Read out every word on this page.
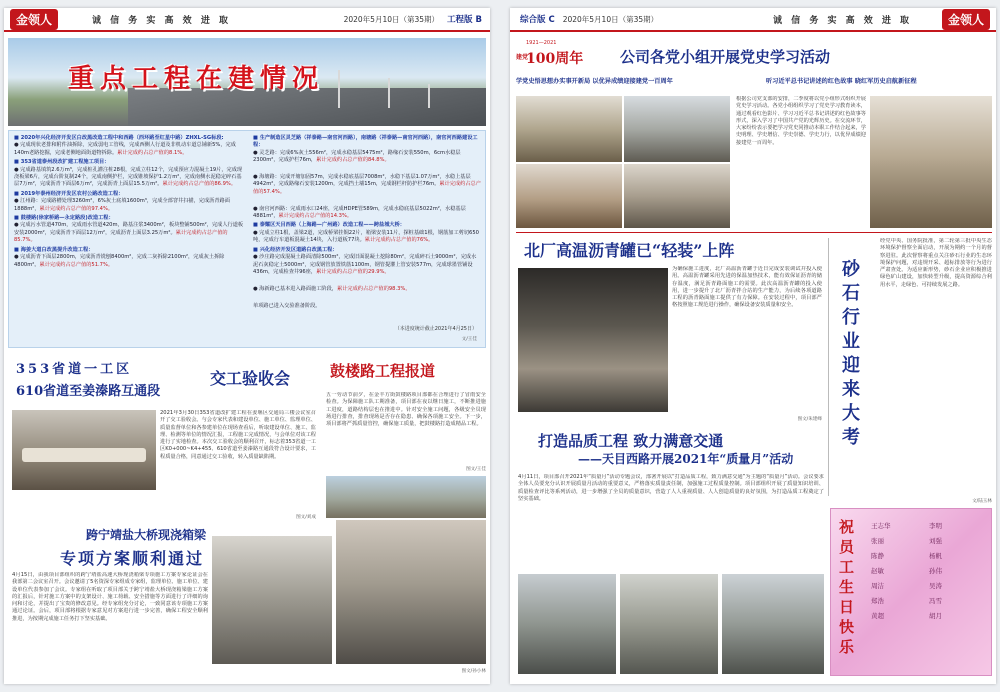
金领人	诚 信 务 实 高 效 进 取	2020年5月10日（第35期） 工程版 B
重点工程在建情况
■ 2020年兴化经济开发区白改黑改造工程中和西路（西环路至红星中路）ZHXL-SG标段:
● 完成现状老排和附件油拆除，完成弱电工管线，完成西侧人行道及非机动车道总铺新5%，完成140m老路挖掘，完成老侧地面街道物拆除。累计完成约占总产值的8.1%。
■ 353省道泰州段改扩建工程施工项目：
● 完成路基填筑2.6万m³，完成桩孔灌注桩28根，完成立柱12个，完成预应力混凝土19片，完成现浇板梁6片，完成台阶复制24个，完成南侧护栏，完成锥坡保护1.2万m²，完成南侧水泥稳定碎石基层7万m²，完成沥青下面层6万m²，完成沥青上面层15.5万m²。累计完成约占总产值的86.9%。
■ 2019年泰州经济开发区农村公路改造工程：
● 江州路：完成路槽处理3260m²，6%灰土底填1600m³，完成全部窨井扫描，完成沥青路面1888m²，累计完成约占总产值的97.4%。
■ 鼓楼路(徐家桥路—永定路段)改造工程：
● 完成污水管道470m，完成雨水管道420m，路基注浆3400m²，板块整铺500m²，完成人行道板安装2000m²，完成沥青下面层12万m²，完成沥青上面层3.25万m²。累计完成约占总产值的85.7%。
■ 海姜大道白改黑提升改造工程：
● 完成沥青下面层2800m，完成沥青铣刨8400m²，完成二灰拆除2100m²，完成灰土拆除4800m²。累计完成约占总产值的51.7%。
■ 生产制造区灵芝路（祥泰路—南官河西路），南塘路（祥泰路—南官河西路），南官河西路建设工程：
● 灵芝路：完成6%灰土556m²，完成水稳基层5475m²，路缘石安装550m，6cm水稳层2300m²，完成护栏76m，累计完成约占总产值的84.8%。

● 海塘路：完成开塘加固57m，完成水稳底基层7008m²，水稳下基层1.07万m²，水稳上基层4942m²，完成路缘石安装1200m，完成挡土墙15m，完成钢栏杆防护栏76m。累计完成约占总产值的57.4%。

● 南官河西路：完成雨水口24座，完成HDPE管589m，完成水稳底基层5022m²，水稳基层4881m²，累计完成约占总产值的14.3%。
■ 泰耀区天目西路（上海路—广州路）改造工程——跨盐城大桥：
● 完成立柱1根，盖梁2道，完成桥梁挂铜22片，箱梁安装11片，探桩基础1根，钢筋加工剪切650吨，完成行车道板混凝土14块，入行道板77块。累计完成约占总产值的76%。
■ 兴化经济开发区道路白改黑工程：
● 沙庄路完成混凝土路面清除500m²，完成旧面混凝土挖除80m²，完成碎石土9000m²，完成水泥石灰稳定土5000m²，完成钢管放置铁筋1100m，钢管提灌上管安装577m，完成球墨管铺设436m，完成检查井96座，累计完成约占总产值的29.9%。

● 海新路已基本进入路面施工阶段，累计完成约占总产值的98.3%。

单项路已进入交验准备阶段。
（本进度统计截止2021年4月25日）
文/王佳
353省道一工区
610省道至姜溱路互通段
交工验收会	鼓楼路工程报道
2021年3月30日353省道改扩建工程在姜堰区交通局三楼会议室召开了交工验收会。与会专家代表和建设单位、施工单位、监理单位、质量监督单位和各参建单位在现场查看后，听取建设单位、施工、监理、检测等单位的情况汇报，工程施工完成情况，与会单位对该工程进行了实地检查。本次交工验收会的顺利召开，标志着353省道一工区K0+000~K4+455、610省道至姜溱路互通段符合设计要求，工程质量合格，同意通过交工验收，转入质量缺陷期。
图文/刘成
五一劳动节前夕，在金丰方街鼓楼路项目部都在合理进行了冒雨安全检查。为保障施工队工期准备，项目部在夜以继日施工，不断推进施工进度，道路结构层也在推进中。针对安全施工问题，各级安全员现场进行排查，排查现场是否存在隐患、确保各项施工安全。下一步，项目部将严抓质量管控，确保施工质量，把鼓楼路打造成精品工程。
图文/王佳
跨宁靖盐大桥现浇箱梁
专项方案顺利通过
4月15日，由我项目部组织的跨宁靖盐高速大桥现浇箱梁专项施工方案专家论证会在我部第二会议室召开。会议邀请了5名资深专家组成专家组，监理单位、施工单位、建设单位代表参加了会议。专家组在听取了项目部关于跨宁靖盐大桥现浇箱梁施工方案的汇报后，针对施工方案中的支架设计、施工荷载、安全措施等方面进行了详细的询问和讨论，并提出了宝贵的修改意见。经专家组充分讨论，一致同意该专项施工方案通过论证。会后，项目部将根据专家意见对方案进行进一步完善，确保工程安全顺利推进，为按期完成施工任务打下坚实基础。
图文/孙小林
综合版 C 2020年5月10日（第35期）	诚 信 务 实 高 效 进 取	金领人
建党
1921—2021
100周年 公司各党小组开展党史学习活动
学党史悟思想办实事开新局 以优异成绩迎接建党一百周年	听习近平总书记讲述的红色故事 晓红军历史启航新征程
根据公司党支部的安排，二季度将以党小组形式组织开展党史学习活动。各党小组组织学习了党史学习教育读本，通过观看红色影片、学习习近平总书记讲述的红色故事等形式，深入学习了中国共产党的光辉历史。在交流环节，大家纷纷表示要把学习党史同推动本职工作结合起来，学史明理、学史增信、学史崇德、学史力行，以优异成绩迎接建党一百周年。
北厂高温沥青罐已“轻装”上阵
为确保施工进度，北厂高温沥青罐于近日完成安装调试并投入使用。高温沥青罐采用先进的保温加热技术，能有效保证沥青的储存温度，满足沥青路面施工的需要。此次高温沥青罐的投入使用，进一步提升了北厂沥青拌合站的生产能力，为后续各项道路工程的沥青路面施工提供了有力保障。在安装过程中，项目部严格按照施工规范进行操作，确保设备安装质量和安全。
图文/朱建峰
砂石行业迎来大考
经党中央、国务院批准，第二轮第三批中央生态环境保护督察全面启动，开展为期约一个月的督察进驻。此次督察将重点关注砂石行业的生态环境保护问题，对违规开采、超标排放等行为进行严肃查处。为适应新形势，砂石企业应积极推进绿色矿山建设，加快转型升级，提高资源综合利用水平，走绿色、可持续发展之路。
文/陆玉林
打造品质工程 致力满意交通
——天目西路开展2021年“质量月”活动
4月11日，项目部召开2021年“质量月”活动专题会议，部署开展以“打造品质工程，致力满意交通”为主题的“质量月”活动。会议要求全体人员要充分认识开展质量月活动的重要意义，严格落实质量责任制，加强施工过程质量控制。项目部组织开展了质量知识培训、质量检查评比等系列活动，进一步增强了全员的质量意识，营造了人人重视质量、人人创造质量的良好氛围，为打造品质工程奠定了坚实基础。
祝员工生日快乐
王志华	李明
张丽	刘强
陈静	杨帆
赵敏	孙伟
周洁	吴涛
郑浩	冯雪
黄超	胡月
